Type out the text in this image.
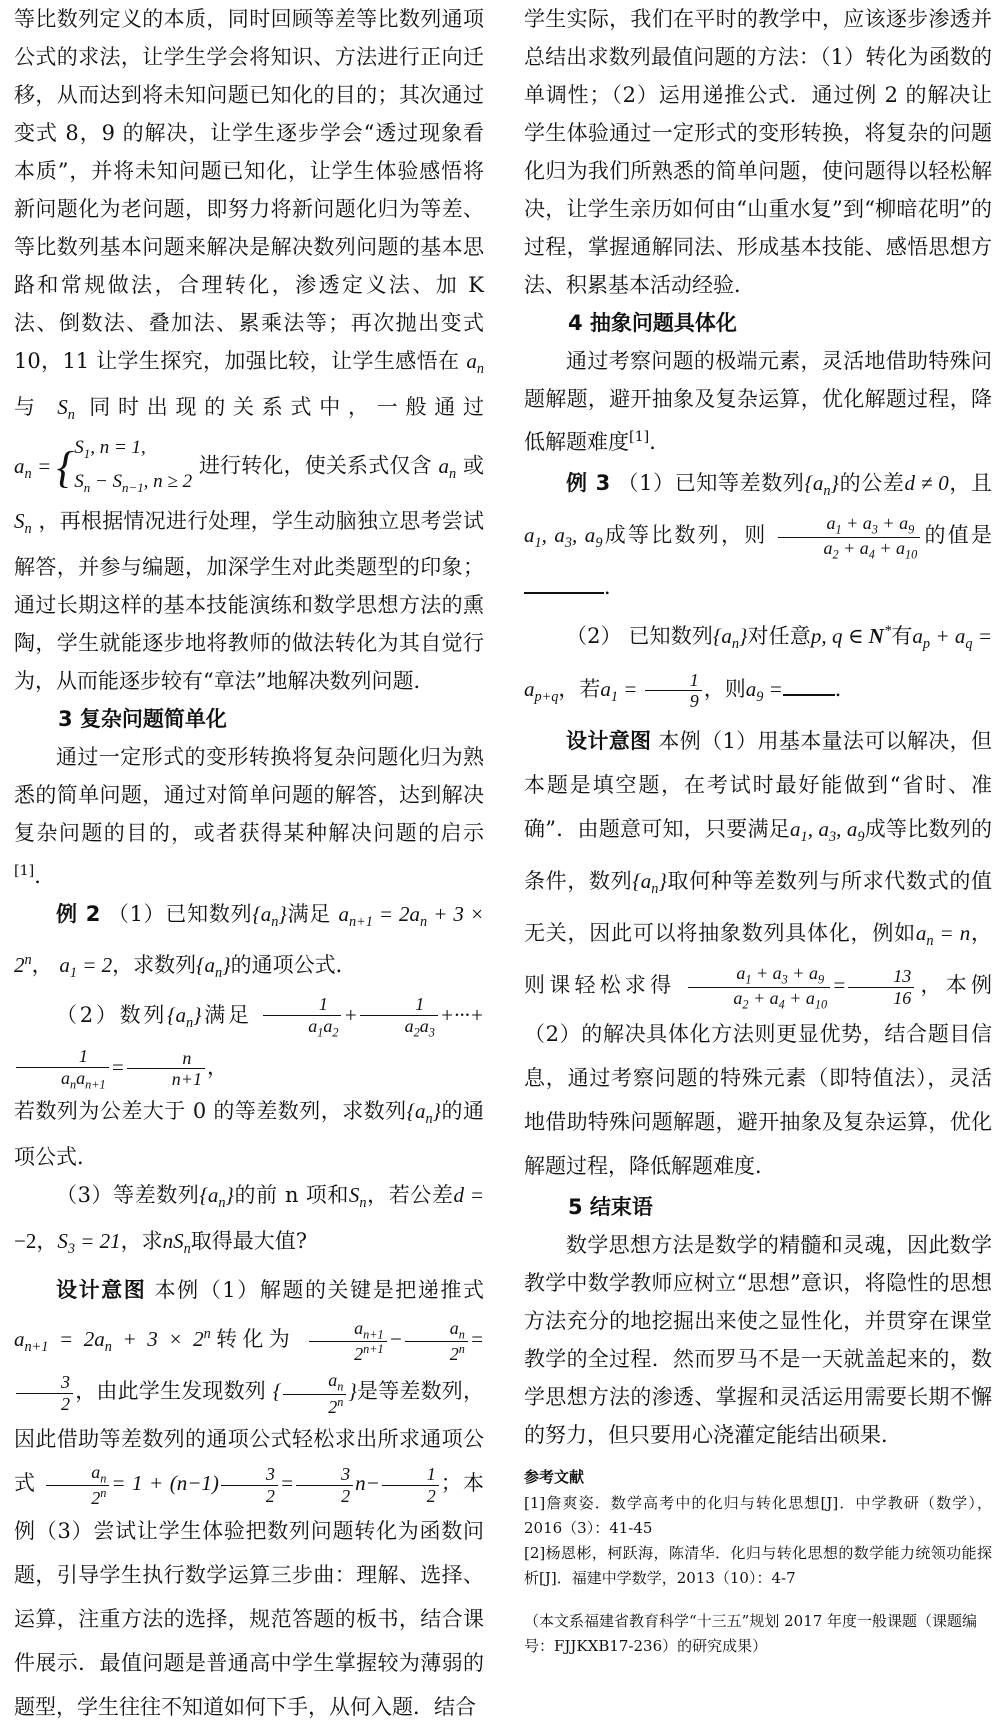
等比数列定义的本质，同时回顾等差等比数列通项公式的求法，让学生学会将知识、方法进行正向迁移，从而达到将未知问题已知化的目的；其次通过变式 8，9 的解决，让学生逐步学会“透过现象看本质”，并将未知问题已知化，让学生体验感悟将新问题化为老问题，即努力将新问题化归为等差、等比数列基本问题来解决是解决数列问题的基本思路和常规做法，合理转化，渗透定义法、加 K 法、倒数法、叠加法、累乘法等；再次抛出变式 10，11 让学生探究，加强比较，让学生感悟在 $a_n$ 与 $S_n$ 同时出现的关系式中，一般通过 $a_n = \{S_1$, n = 1,
$S_n - S_{n-1}$, n ≥ 2 进行转化，使关系式仅含 $a_n$ 或 $S_n$ ，再根据情况进行处理，学生动脑独立思考尝试解答，并参与编题，加深学生对此类题型的印象；通过长期这样的基本技能演练和数学思想方法的熏陶，学生就能逐步地将教师的做法转化为其自觉行为，从而能逐步较有“章法”地解决数列问题．

3 复杂问题简单化

通过一定形式的变形转换将复杂问题化归为熟悉的简单问题，通过对简单问题的解答，达到解决复杂问题的目的，或者获得某种解决问题的启示[1]．

例 2 （1）已知数列$\{a_n\}$满足 $a_{n+1} = 2a_n + 3 \times 2^n$， $a_1 = 2$，求数列$\{a_n\}$的通项公式．

（2）数列$\{a_n\}$满足 $\frac{1}{a_1a_2} + \frac{1}{a_2a_3}$ +···+
1
$a_na_{n+1}$
= $\frac{n}{n+1}$ ，

若数列为公差大于 0 的等差数列，求数列$\{a_n\}$的通项公式．

（3）等差数列$\{a_n\}$的前 n 项和$S_n$，若公差d = −2，$S_3 = 21$，求$nS_n$取得最大值?

设计意图 本例（1）解题的关键是把递推式 $a_{n+1} = 2a_n + 3 \times 2^n$转化为 $\frac{a_{n+1}}{2^{n+1}} - \frac{a_n}{2^n}$ =
$\frac{3}{2}$ ，由此学生发现数列 { $\frac{a_n}{2^n}$ }是等差数列，因此借助等差数列的通项公式轻松求出所求通项公式 $\frac{a_n}{2^n} = 1 + (n-1) \frac{3}{2} = \frac{3}{2} n- \frac{1}{2}$ ；本例（3）尝试让学生体验把数列问题转化为函数问题，引导学生执行数学运算三步曲：理解、选择、运算，注重方法的选择，规范答题的板书，结合课件展示．最值问题是普通高中学生掌握较为薄弱的题型，学生往往不知道如何下手，从何入题．结合

学生实际，我们在平时的教学中，应该逐步渗透并总结出求数列最值问题的方法：（1）转化为函数的单调性；（2）运用递推公式．通过例 2 的解决让学生体验通过一定形式的变形转换，将复杂的问题化归为我们所熟悉的简单问题，使问题得以轻松解决，让学生亲历如何由“山重水复”到“柳暗花明”的过程，掌握通解同法、形成基本技能、感悟思想方法、积累基本活动经验．

4 抽象问题具体化

通过考察问题的极端元素，灵活地借助特殊问题解题，避开抽象及复杂运算，优化解题过程，降低解题难度[1]．

例 3 （1）已知等差数列$\{a_n\}$的公差d ≠ 0，且 $a_1$, $a_3$, $a_9$成等比数列，则 $\frac{a_1 + a_3 + a_9}{a_2 + a_4 + a_{10}}$ 的值是．

（2） 已知数列$\{a_n\}$对任意p, q ∈ N*有$a_p + a_q = a_{p+q}$，若$a_1 = \frac{1}{9}$ ，则$a_9$ = ．

设计意图 本例（1）用基本量法可以解决，但本题是填空题，在考试时最好能做到“省时、准确”．由题意可知，只要满足$a_1$, $a_3$, $a_9$成等比数列的条件，数列$\{a_n\}$取何种等差数列与所求代数式的值无关，因此可以将抽象数列具体化，例如$a_n = n$，则课轻松求得 $\frac{a_1 + a_3 + a_9}{a_2 + a_4 + a_{10}} = \frac{13}{16}$ ，本例（2）的解决具体化方法则更显优势，结合题目信息，通过考察问题的特殊元素（即特值法），灵活地借助特殊问题解题，避开抽象及复杂运算，优化解题过程，降低解题难度．

5 结束语

数学思想方法是数学的精髓和灵魂，因此数学教学中数学教师应树立“思想”意识，将隐性的思想方法充分的地挖掘出来使之显性化，并贯穿在课堂教学的全过程．然而罗马不是一天就盖起来的，数学思想方法的渗透、掌握和灵活运用需要长期不懈的努力，但只要用心浇灌定能结出硕果．

参考文献

[1]詹爽姿．数学高考中的化归与转化思想[J]．中学教研（数学），2016（3）：41-45

[2]杨恩彬，柯跃海，陈清华．化归与转化思想的数学能力统领功能探析[J]．福建中学数学，2013（10）：4-7

（本文系福建省教育科学“十三五”规划 2017 年度一般课题（课题编号：FJJKXB17-236）的研究成果）
